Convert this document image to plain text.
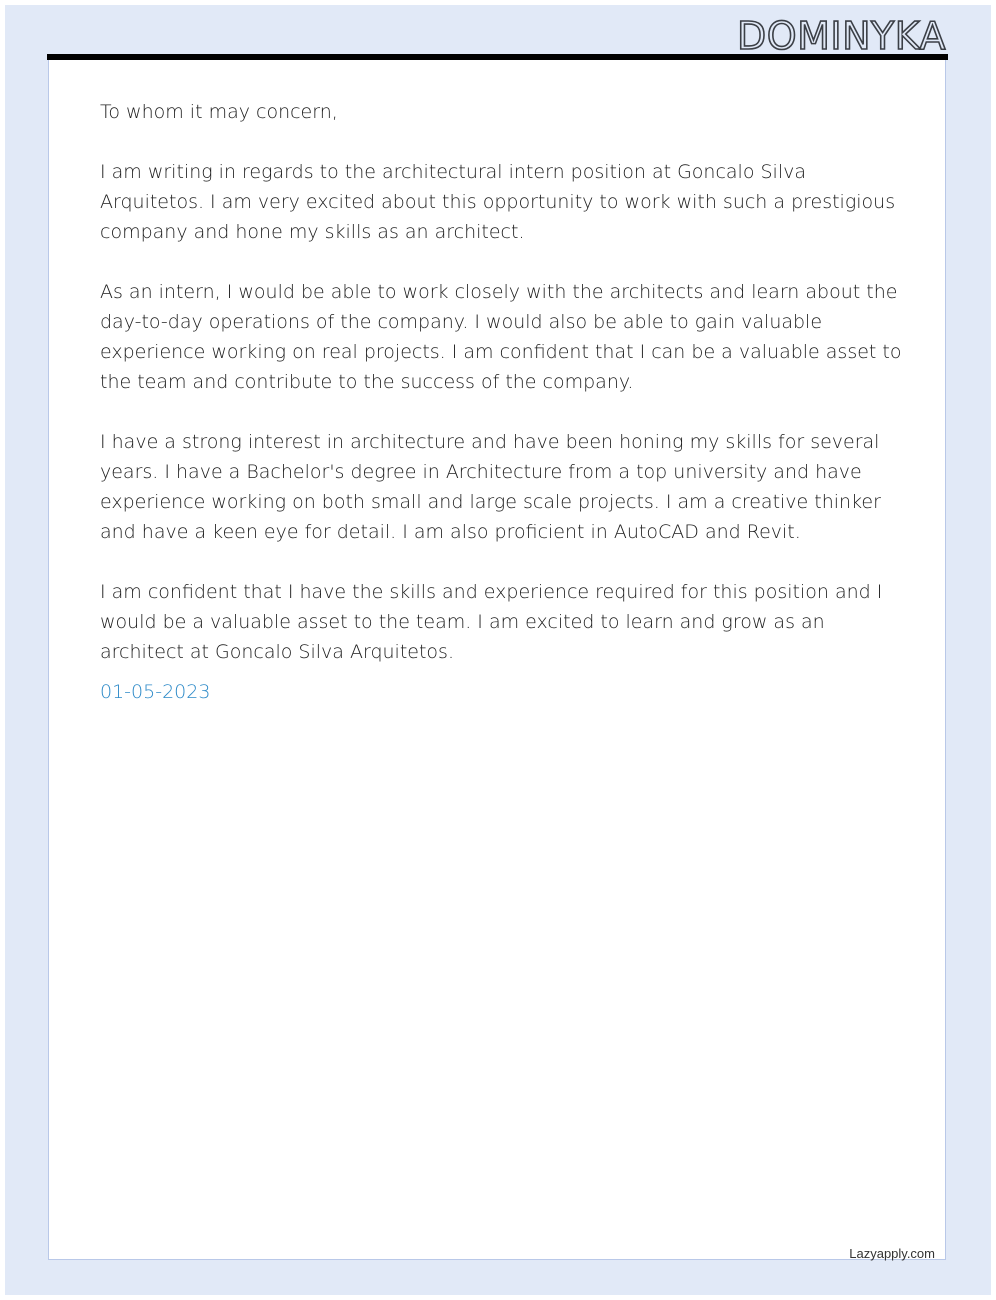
DOMINYKA

To whom it may concern,

I am writing in regards to the architectural intern position at Goncalo Silva Arquitetos. I am very excited about this opportunity to work with such a prestigious company and hone my skills as an architect.

As an intern, I would be able to work closely with the architects and learn about the day-to-day operations of the company. I would also be able to gain valuable experience working on real projects. I am confident that I can be a valuable asset to the team and contribute to the success of the company.

I have a strong interest in architecture and have been honing my skills for several years. I have a Bachelor's degree in Architecture from a top university and have experience working on both small and large scale projects. I am a creative thinker and have a keen eye for detail. I am also proficient in AutoCAD and Revit.

I am confident that I have the skills and experience required for this position and I would be a valuable asset to the team. I am excited to learn and grow as an architect at Goncalo Silva Arquitetos.

01-05-2023

Lazyapply.com
